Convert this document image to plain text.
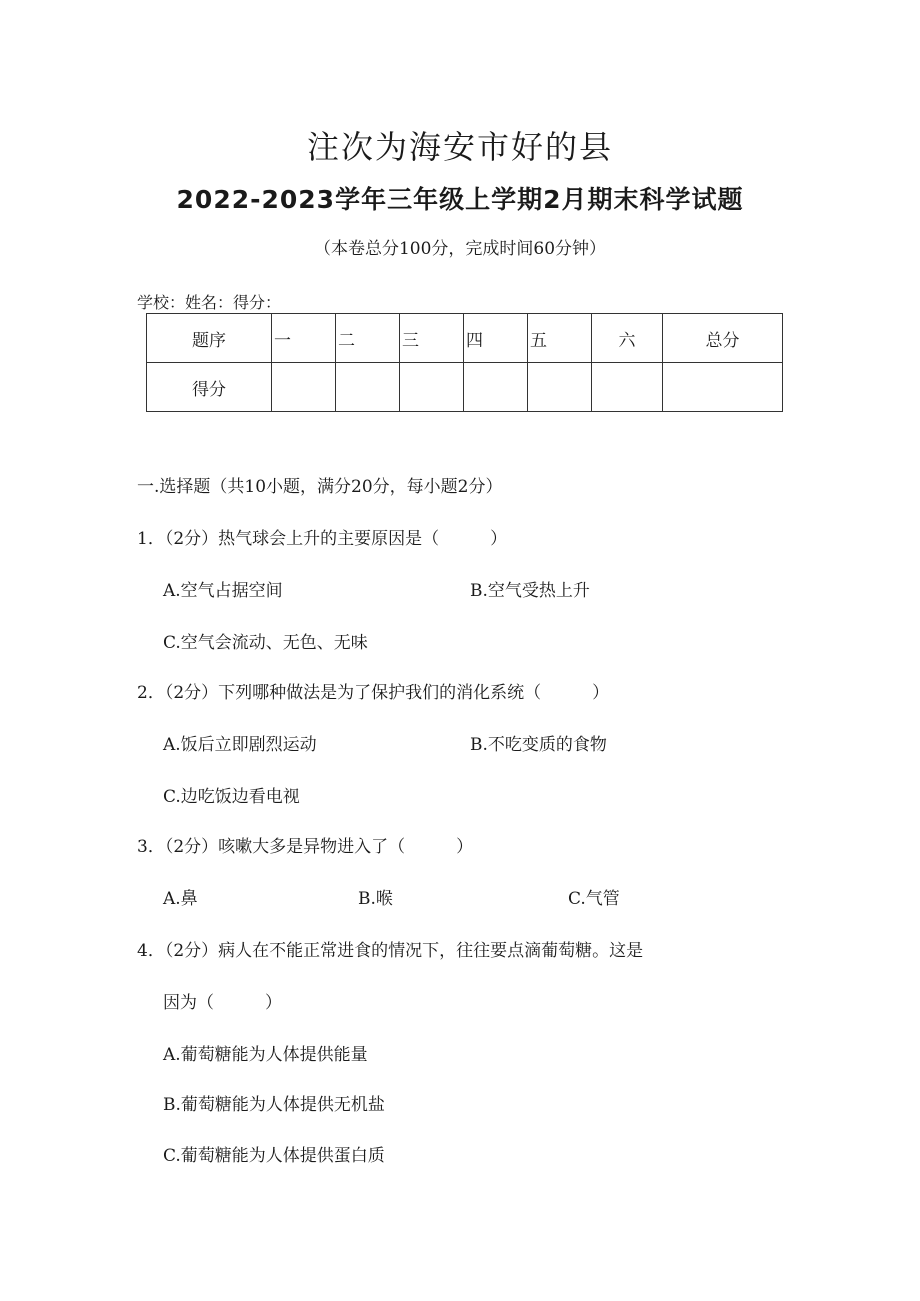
注次为海安市好的县
2022-2023学年三年级上学期2月期末科学试题
（本卷总分100分，完成时间60分钟）
学校：姓名：得分：
题序	一	二	三	四	五	六	总分
得分							
一.选择题（共10小题，满分20分，每小题2分）
1．（2分）热气球会上升的主要原因是（　　　）
A.空气占据空间	B.空气受热上升
C.空气会流动、无色、无味
2．（2分）下列哪种做法是为了保护我们的消化系统（　　　）
A.饭后立即剧烈运动	B.不吃变质的食物
C.边吃饭边看电视
3．（2分）咳嗽大多是异物进入了（　　　）
A.鼻	B.喉	C.气管
4．（2分）病人在不能正常进食的情况下，往往要点滴葡萄糖。这是
因为（　　　）
A.葡萄糖能为人体提供能量
B.葡萄糖能为人体提供无机盐
C.葡萄糖能为人体提供蛋白质
